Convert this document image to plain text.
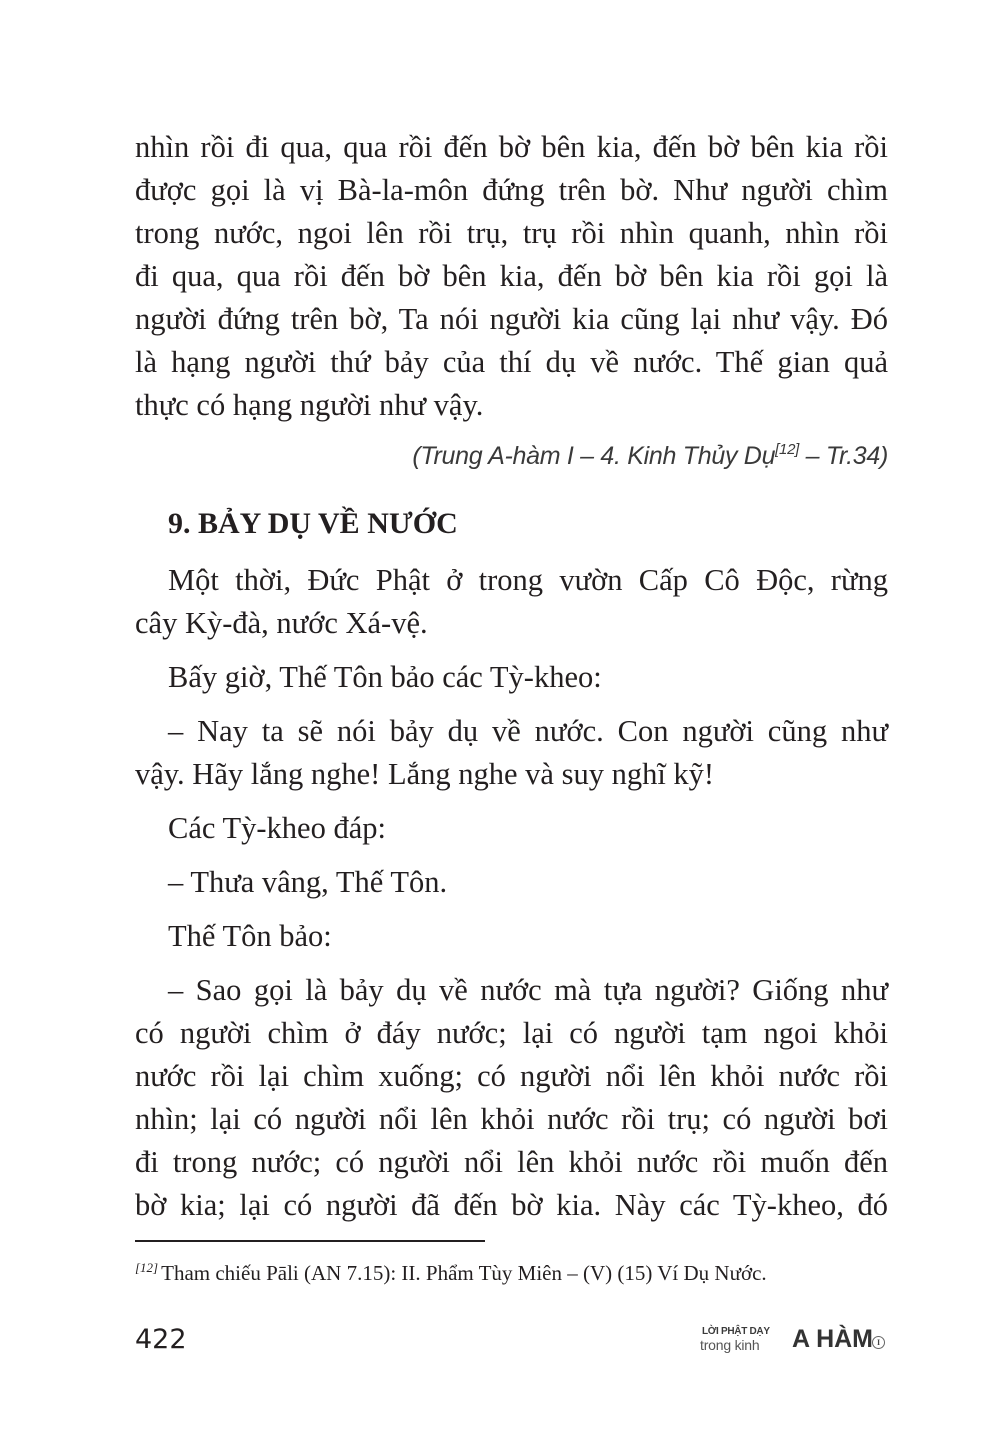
nhìn rồi đi qua, qua rồi đến bờ bên kia, đến bờ bên kia rồi
được gọi là vị Bà-la-môn đứng trên bờ. Như người chìm
trong nước, ngoi lên rồi trụ, trụ rồi nhìn quanh, nhìn rồi
đi qua, qua rồi đến bờ bên kia, đến bờ bên kia rồi gọi là
người đứng trên bờ, Ta nói người kia cũng lại như vậy. Đó
là hạng người thứ bảy của thí dụ về nước. Thế gian quả
thực có hạng người như vậy.
(Trung A-hàm I – 4. Kinh Thủy Dụ[12] – Tr.34)
9. BẢY DỤ VỀ NƯỚC
Một thời, Đức Phật ở trong vườn Cấp Cô Độc, rừng
cây Kỳ-đà, nước Xá-vệ.
Bấy giờ, Thế Tôn bảo các Tỳ-kheo:
– Nay ta sẽ nói bảy dụ về nước. Con người cũng như
vậy. Hãy lắng nghe! Lắng nghe và suy nghĩ kỹ!
Các Tỳ-kheo đáp:
– Thưa vâng, Thế Tôn.
Thế Tôn bảo:
– Sao gọi là bảy dụ về nước mà tựa người? Giống như
có người chìm ở đáy nước; lại có người tạm ngoi khỏi
nước rồi lại chìm xuống; có người nổi lên khỏi nước rồi
nhìn; lại có người nổi lên khỏi nước rồi trụ; có người bơi
đi trong nước; có người nổi lên khỏi nước rồi muốn đến
bờ kia; lại có người đã đến bờ kia. Này các Tỳ-kheo, đó
[12] Tham chiếu Pāli (AN 7.15): II. Phẩm Tùy Miên – (V) (15) Ví Dụ Nước.
422	LỜI PHẬT DẠY
trong kinh A HÀM I
